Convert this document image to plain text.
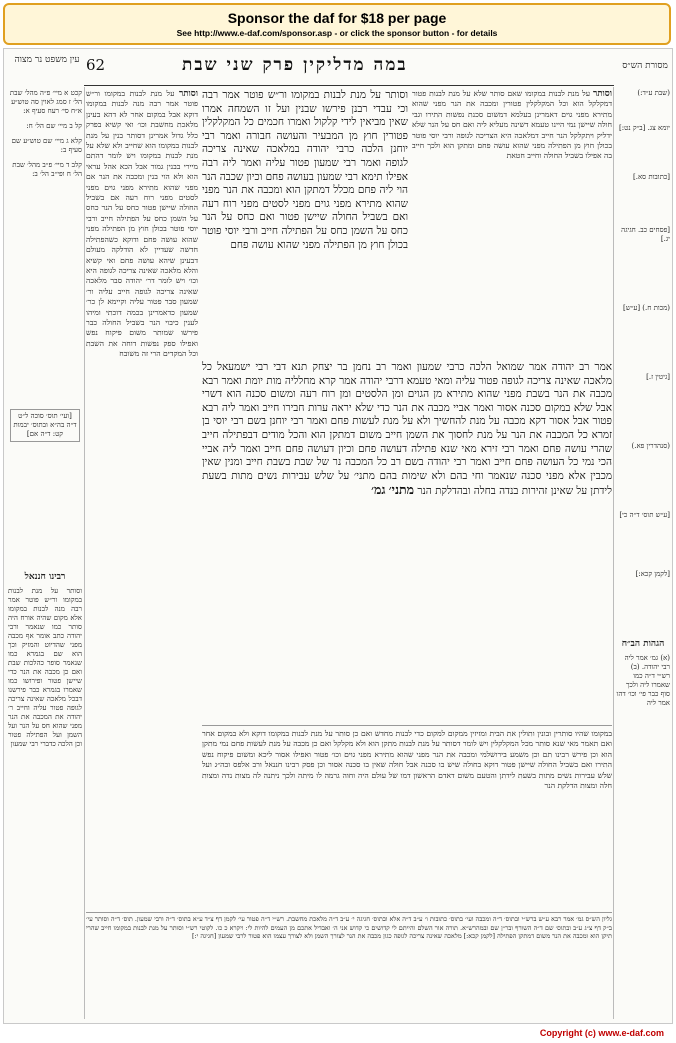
Sponsor the daf for $18 per page
See http://www.e-daf.com/sponsor.asp - or click the sponsor button - for details
עין משפט נר מצוה 62	במה מדליקין פרק שני שבת	מסורת הש״ס
קכט א מיי׳ פ״ה מהל׳ שבת הל׳ ז סמג לאוין סה טוש״ע א״ח סי׳ רעח סעיף א:
קל ב מיי׳ שם הל׳ ח:
קלא ג מיי׳ שם טוש״ע שם סעיף ב:
קלב ד מיי׳ פ״ב מהל׳ שבת הל׳ ח ופי״ב הל׳ ב:
[ועי׳ תוס׳ סוכה ל״ט ד״ה בה״א ובתוס׳ יבמות קט: ד״ה אם]
רבינו חננאל
וסותר על מנת לבנות במקומו ור״ש פוטר אמר רבה מנה לבנות במקומו אלא מקום שהיה אורח היה סותר כמו שנאמר ורבי יהודה כתב אומר אף מכבה מפני שהדיוט והמזיק וכך הוא שם בגמרא כמו שנאמר סופר כהלכות שבת ואם כן מכבה את הנר כדי שיישן פטור ופירושו כמו שאמרו בגמרא כבר פירשנו דבכל מלאכה שאינה צריכה לגופה פטור עליה וחייב ר׳ יהודה את המכבה את הנר מפני שהוא חס על הנר ועל השמן ועל הפתילה פטור וכן הלכה כדברי רבי שמעון
וסותר על מנת לבנות במקומו ור״ש פוטר אמר רבה מנה לבנות במקומו דוקא אבל במקום אחר לא דהא בעינן מלאכת מחשבת וכו׳ ואי קשיא בפרק כלל גדול אמרינן דסותר בנין על מנת לבנות במקומו הוא שחייב ולא שלא על מנת לבנות במקומו ויש לומר דהתם מיירי בבנין גמור אבל הכא אהל עראי הוא ולא הוי בנין ומכבה את הנר אם מפני שהוא מתירא מפני גוים מפני לסטים מפני רוח רעה אם בשביל החולה שיישן פטור כחס על הנר כחס על השמן כחס על הפתילה חייב ורבי יוסי פוטר בכולן חוץ מן הפתילה מפני שהוא עושה פחם ודוקא כשהפתילה חדשה שעדיין לא הודלקה מעולם דבעינן שיהא עושה פחם ואי קשיא והלא מלאכה שאינה צריכה לגופה היא וכו׳ ויש לומר דר׳ יהודה סבר מלאכה שאינה צריכה לגופה חייב עליה ור׳ שמעון סבר פטור עליה וקיימא לן כר׳ שמעון כדאמרינן בכמה דוכתי ומיהו לענין כיבוי הנר בשביל החולה כבר פירשו שמותר משום פיקוח נפש ואפילו ספק נפשות דוחה את השבת וכל המקדים הרי זה משובח
וסותר על מנת לבנות במקומו ור״ש פוטר אמר רבה וכי עבדי רבנן פירשו שבנין ועל זו השמחה אמרו שאין מביאין לידי קלקול ואמרו חכמים כל המקלקלין פטורין חוץ מן המבעיר והעושה חבורה ואמר רבי יוחנן הלכה כרבי יהודה במלאכה שאינה צריכה לגופה ואמר רבי שמעון פטור עליה ואמר ליה רבה אפילו תימא רבי שמעון בעושה פחם וכיון שכבה הנר הוי ליה פחם מכלל דמתקן הוא ומכבה את הנר מפני שהוא מתירא מפני גוים מפני לסטים מפני רוח רעה ואם בשביל החולה שיישן פטור ואם כחס על הנר כחס על השמן כחס על הפתילה חייב ורבי יוסי פוטר בכולן חוץ מן הפתילה מפני שהוא עושה פחם
וסותר על מנת לבנות במקומו שאם סותר שלא על מנת לבנות פטור דמקלקל הוא וכל המקלקלין פטורין ומכבה את הנר מפני שהוא מתירא מפני גוים דאמרינן בעלמא דמשום סכנת נפשות התירו וגבי חולה שיישן נמי היינו טעמא דשינה מעליא ליה ואם חס על הנר שלא ידליק ויתקלקל הנר חייב דמלאכה היא הצריכה לגופה ורבי יוסי פוטר בכולן חוץ מן הפתילה מפני שהוא עושה פחם ומתקן הוא ולכך חייב בה אפילו בשביל החולה וחייב חטאת
אמר רב יהודה אמר שמואל הלכה כרבי שמעון ואמר רב נחמן בר יצחק תנא דבי רבי ישמעאל כל מלאכה שאינה צריכה לגופה פטור עליה ומאי טעמא דרבי יהודה אמר קרא מחלליה מות יומת ואמר רבא מכבה את הנר בשבת מפני שהוא מתירא מן הגוים ומן הלסטים ומן רוח רעה ומשום סכנה הוא דשרי אבל שלא במקום סכנה אסור ואמר אביי מכבה את הנר כדי שלא יראה ערות חבירו חייב ואמר ליה רבא פטור אבל אסור דקא מכבה על מנת להחשיך ולא על מנת לעשות פחם ואמר רבי יוחנן בשם רבי יוסי בן זמרא כל המכבה את הנר על מנת לחסוך את השמן חייב משום דמתקן הוא והכל מודים דבפתילה חייב שהרי עושה פחם ואמר רבי זירא מאי שנא פתילה דעושה פחם וכיון דעושה פחם חייב ואמר ליה אביי הכי נמי כל העושה פחם חייב ואמר רבי יהודה בשם רב כל המכבה נר של שבת בשבת חייב ומנין שאין מכבין אלא מפני סכנה שנאמר וחי בהם ולא שימות בהם מתני׳ על שלש עבירות נשים מתות בשעת לידתן על שאינן זהירות בנדה בחלה ובהדלקת הנר מתני׳ גמ׳
במקומו שהיו סותרין ובונין ותולין את הבית ומזיזין ממקום למקום כדי לבנות מחדש ואם כן סותר על מנת לבנות במקומו דוקא ולא במקום אחר ואם תאמר מאי שנא סותר מכל המקלקלין ויש לומר דסותר על מנת לבנות מתקן הוא ולא מקלקל ואם כן מכבה על מנת לעשות פחם נמי מתקן הוא וכן פירש רבינו תם וכן משמע בירושלמי ומכבה את הנר מפני שהוא מתירא מפני גוים וכו׳ פטור ואפילו אסור ליכא ומשום פיקוח נפש התירו ואם בשביל החולה שיישן פטור דוקא בחולה שיש בו סכנה אבל חולה שאין בו סכנה אסור וכן פסק רבינו חננאל ורב אלפס ובה״ג ועל שלש עבירות נשים מתות בשעת לידתן והטעם משום דאדם הראשון דמו של עולם היה וחוה גרמה לו מיתה ולכך ניתנה לה מצות נדה ומצות חלה ומצות הדלקת הנר
גליון הש״ס גמ׳ אמר רבא ע״ש ברש״י ובתוס׳ ד״ה ומכבה ועי׳ בתוס׳ כתובות ו׳ ע״ב ד״ה אלא ובתוס׳ חגיגה י׳ ע״ב ד״ה מלאכת מחשבת. רש״י ד״ה פטור עי׳ לקמן דף צ״ד ע״א בתוס׳ ד״ה ורבי שמעון. תוס׳ ד״ה וסותר עי׳ ב״ק דף צ״ג ע״ב ובתוס׳ שם ד״ה השורף ובר״ן שם ובמהרש״א. תורה אור השלם והייתם לי קדושים כי קדוש אני ה׳ ואבדיל אתכם מן העמים להיות לי: ויקרא כ כו. לקוטי רש״י וסותר על מנת לבנות במקומו חייב שהרי תיקן הוא ומכבה את הנר משום דמתקן הפתילה [לקמן קכא:] מלאכה שאינה צריכה לגופה כגון מכבה את הנר לצורך השמן ולא לצורך עצמו הוא פטור לרבי שמעון [חגיגה י:]
(שבת ע״ד:)
יומא צג. [ב״ק נט:]
[כתובות סא.]
[פסחים כב. חגיגה יג.]
(מכות ח.) [ע״ש]
[גיטין ז.]
(סנהדרין פא.)
[ע״ש תוס׳ ד״ה כי]
[לקמן קכא:]
הגהות הב״ח
(א) גמ׳ אמר ליה רבי יהודה. (ב) רש״י ד״ה כמו שאמרו ליה ולכך סוף כבר פי׳ וכו׳ דהו אמר ליה
Copyright (c) www.e-daf.com
